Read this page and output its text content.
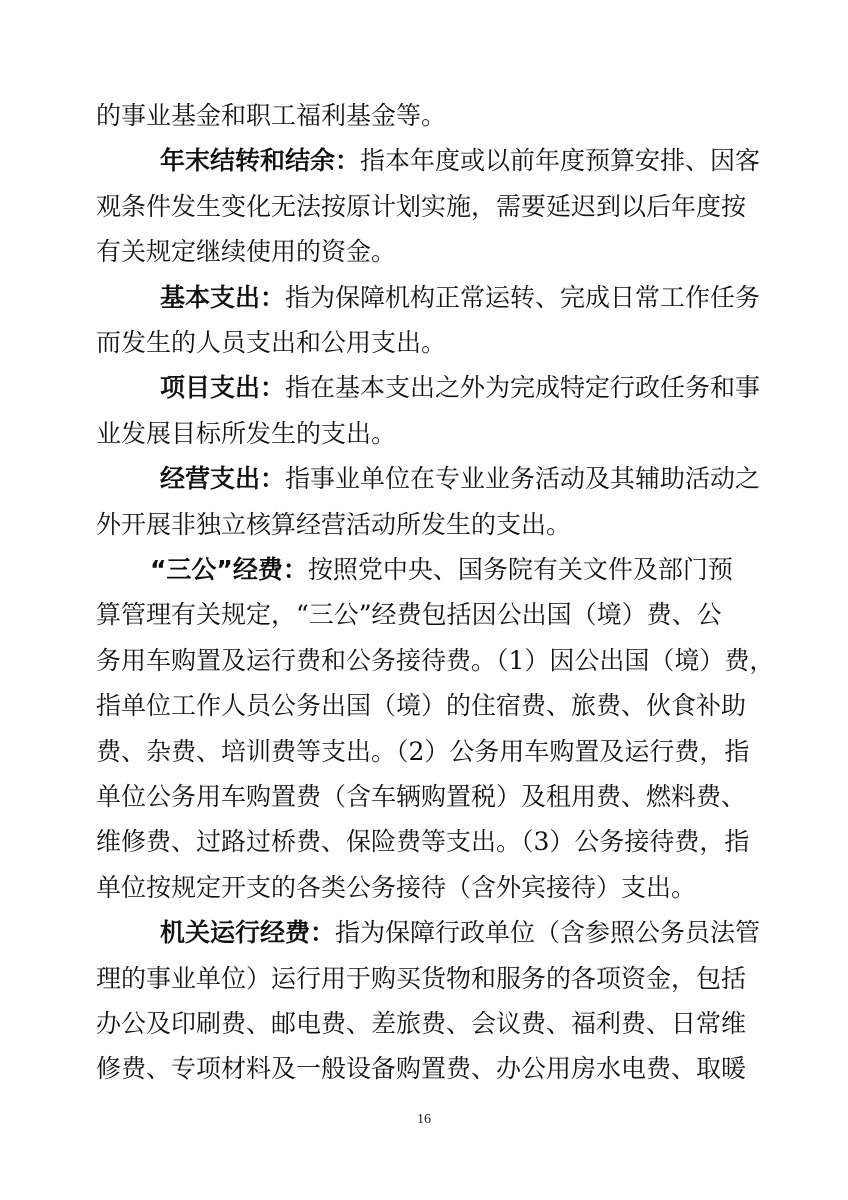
的事业基金和职工福利基金等。

年末结转和结余：指本年度或以前年度预算安排、因客

观条件发生变化无法按原计划实施，需要延迟到以后年度按

有关规定继续使用的资金。

基本支出：指为保障机构正常运转、完成日常工作任务

而发生的人员支出和公用支出。

项目支出：指在基本支出之外为完成特定行政任务和事

业发展目标所发生的支出。

经营支出：指事业单位在专业业务活动及其辅助活动之

外开展非独立核算经营活动所发生的支出。

“三公”经费：按照党中央、国务院有关文件及部门预

算管理有关规定，“三公”经费包括因公出国（境）费、公

务用车购置及运行费和公务接待费。（1）因公出国（境）费，

指单位工作人员公务出国（境）的住宿费、旅费、伙食补助

费、杂费、培训费等支出。（2）公务用车购置及运行费，指

单位公务用车购置费（含车辆购置税）及租用费、燃料费、

维修费、过路过桥费、保险费等支出。（3）公务接待费，指

单位按规定开支的各类公务接待（含外宾接待）支出。

机关运行经费：指为保障行政单位（含参照公务员法管

理的事业单位）运行用于购买货物和服务的各项资金，包括

办公及印刷费、邮电费、差旅费、会议费、福利费、日常维

修费、专项材料及一般设备购置费、办公用房水电费、取暖

16
